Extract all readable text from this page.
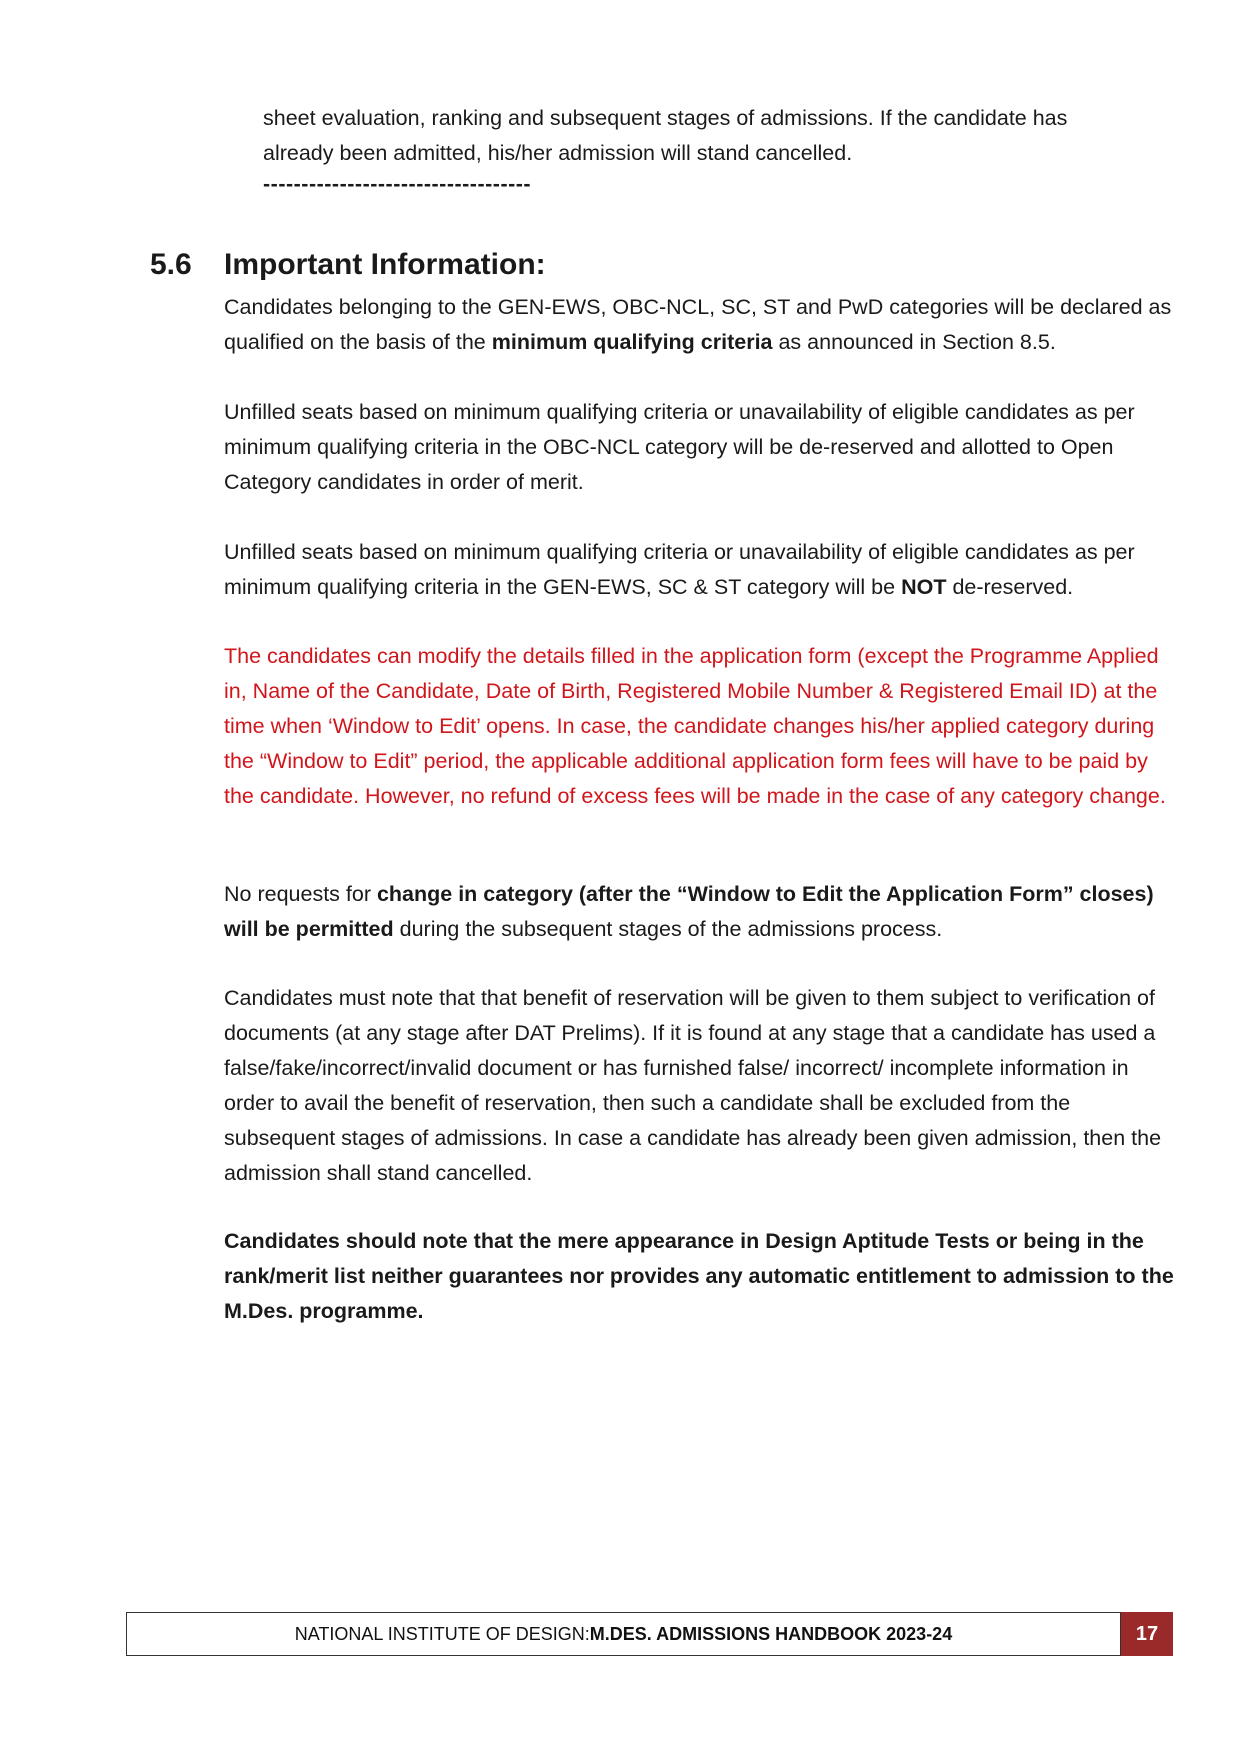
sheet evaluation, ranking and subsequent stages of admissions. If the candidate has

already been admitted, his/her admission will stand cancelled.

-----------------------------------
5.6 Important Information:

Candidates belonging to the GEN-EWS, OBC-NCL, SC, ST and PwD categories will be declared as qualified on the basis of the minimum qualifying criteria as announced in Section 8.5.

Unfilled seats based on minimum qualifying criteria or unavailability of eligible candidates as per minimum qualifying criteria in the OBC-NCL category will be de-reserved and allotted to Open Category candidates in order of merit.

Unfilled seats based on minimum qualifying criteria or unavailability of eligible candidates as per minimum qualifying criteria in the GEN-EWS, SC & ST category will be NOT de-reserved.

The candidates can modify the details filled in the application form (except the Programme Applied in, Name of the Candidate, Date of Birth, Registered Mobile Number & Registered Email ID) at the time when ‘Window to Edit’ opens. In case, the candidate changes his/her applied category during the “Window to Edit” period, the applicable additional application form fees will have to be paid by the candidate. However, no refund of excess fees will be made in the case of any category change.

No requests for change in category (after the “Window to Edit the Application Form” closes) will be permitted during the subsequent stages of the admissions process.

Candidates must note that that benefit of reservation will be given to them subject to verification of documents (at any stage after DAT Prelims). If it is found at any stage that a candidate has used a false/fake/incorrect/invalid document or has furnished false/ incorrect/ incomplete information in order to avail the benefit of reservation, then such a candidate shall be excluded from the subsequent stages of admissions. In case a candidate has already been given admission, then the admission shall stand cancelled.

Candidates should note that the mere appearance in Design Aptitude Tests or being in the rank/merit list neither guarantees nor provides any automatic entitlement to admission to the M.Des. programme.

NATIONAL INSTITUTE OF DESIGN: M.DES. ADMISSIONS HANDBOOK 2023-24	17
